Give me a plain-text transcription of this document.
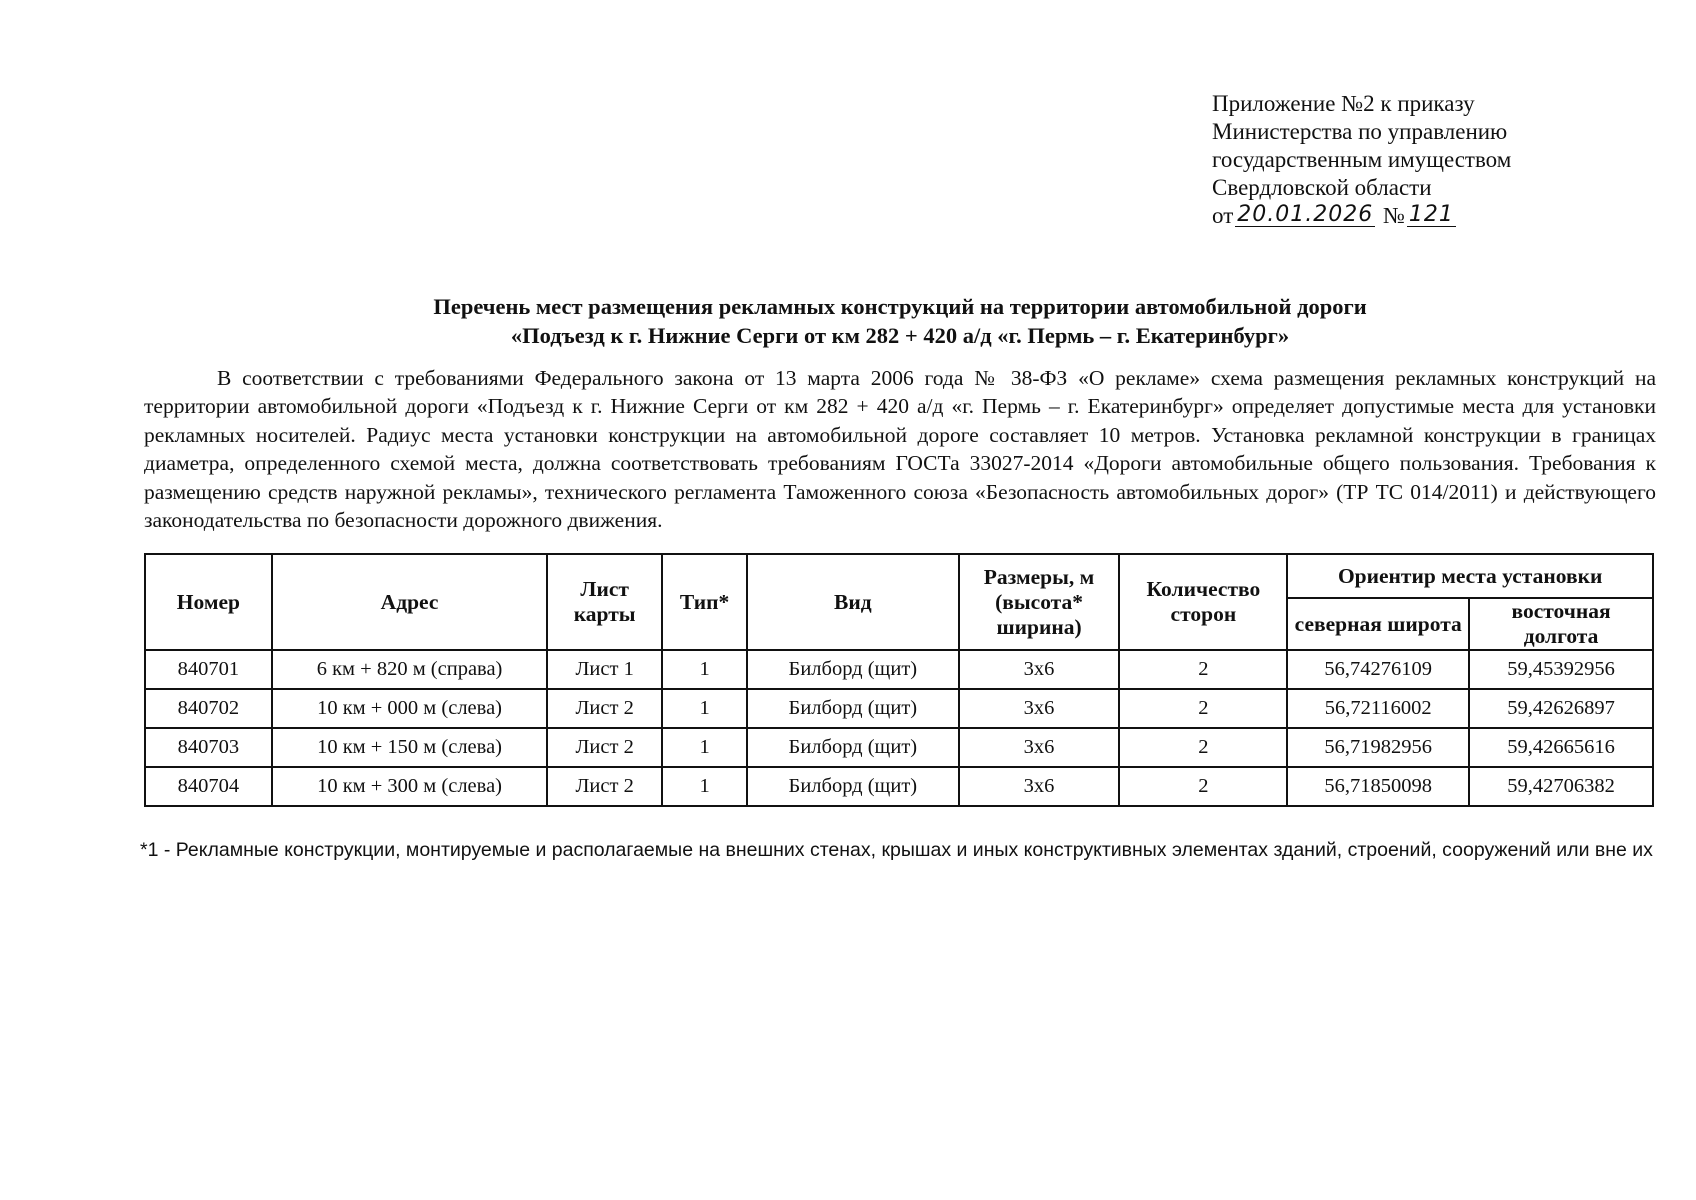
Приложение №2 к приказу
Министерства по управлению
государственным имуществом
Свердловской области
от 20.01.2026 № 121
Перечень мест размещения рекламных конструкций на территории автомобильной дороги
«Подъезд к г. Нижние Серги от км 282 + 420 а/д «г. Пермь – г. Екатеринбург»

В соответствии с требованиями Федерального закона от 13 марта 2006 года № 38-ФЗ «О рекламе» схема размещения рекламных конструкций на территории автомобильной дороги «Подъезд к г. Нижние Серги от км 282 + 420 а/д «г. Пермь – г. Екатеринбург» определяет допустимые места для установки рекламных носителей. Радиус места установки конструкции на автомобильной дороге составляет 10 метров. Установка рекламной конструкции в границах диаметра, определенного схемой места, должна соответствовать требованиям ГОСТа 33027-2014 «Дороги автомобильные общего пользования. Требования к размещению средств наружной рекламы», технического регламента Таможенного союза «Безопасность автомобильных дорог» (ТР ТС 014/2011) и действующего законодательства по безопасности дорожного движения.

Номер	Адрес	Лист карты	Тип*	Вид	Размеры, м (высота* ширина)	Количество сторон	Ориентир места установки	
							северная широта	восточная долгота
840701	6 км + 820 м (справа)	Лист 1	1	Билборд (щит)	3х6	2	56,74276109	59,45392956
840702	10 км + 000 м (слева)	Лист 2	1	Билборд (щит)	3х6	2	56,72116002	59,42626897
840703	10 км + 150 м (слева)	Лист 2	1	Билборд (щит)	3х6	2	56,71982956	59,42665616
840704	10 км + 300 м (слева)	Лист 2	1	Билборд (щит)	3х6	2	56,71850098	59,42706382
*1 - Рекламные конструкции, монтируемые и располагаемые на внешних стенах, крышах и иных конструктивных элементах зданий, строений, сооружений или вне их
